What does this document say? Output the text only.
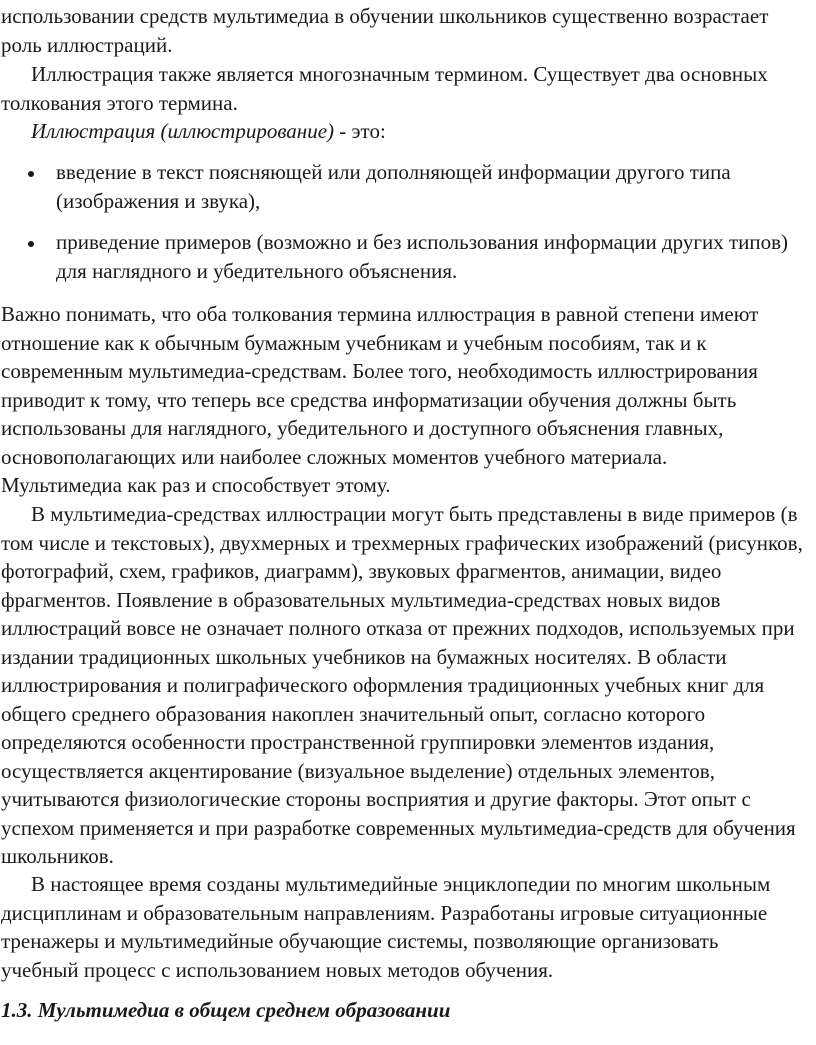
использовании средств мультимедиа в обучении школьников существенно возрастает роль иллюстраций.

Иллюстрация также является многозначным термином. Существует два основных толкования этого термина.

Иллюстрация (иллюстрирование) - это:

введение в текст поясняющей или дополняющей информации другого типа (изображения и звука),
приведение примеров (возможно и без использования информации других типов) для наглядного и убедительного объяснения.

Важно понимать, что оба толкования термина иллюстрация в равной степени имеют отношение как к обычным бумажным учебникам и учебным пособиям, так и к современным мультимедиа-средствам. Более того, необходимость иллюстрирования приводит к тому, что теперь все средства информатизации обучения должны быть использованы для наглядного, убедительного и доступного объяснения главных, основополагающих или наиболее сложных моментов учебного материала. Мультимедиа как раз и способствует этому.

В мультимедиа-средствах иллюстрации могут быть представлены в виде примеров (в том числе и текстовых), двухмерных и трехмерных графических изображений (рисунков, фотографий, схем, графиков, диаграмм), звуковых фрагментов, анимации, видео фрагментов. Появление в образовательных мультимедиа-средствах новых видов иллюстраций вовсе не означает полного отказа от прежних подходов, используемых при издании традиционных школьных учебников на бумажных носителях. В области иллюстрирования и полиграфического оформления традиционных учебных книг для общего среднего образования накоплен значительный опыт, согласно которого определяются особенности пространственной группировки элементов издания, осуществляется акцентирование (визуальное выделение) отдельных элементов, учитываются физиологические стороны восприятия и другие факторы. Этот опыт с успехом применяется и при разработке современных мультимедиа-средств для обучения школьников.

В настоящее время созданы мультимедийные энциклопедии по многим школьным дисциплинам и образовательным направлениям. Разработаны игровые ситуационные тренажеры и мультимедийные обучающие системы, позволяющие организовать учебный процесс с использованием новых методов обучения.

1.3. Мультимедиа в общем среднем образовании
